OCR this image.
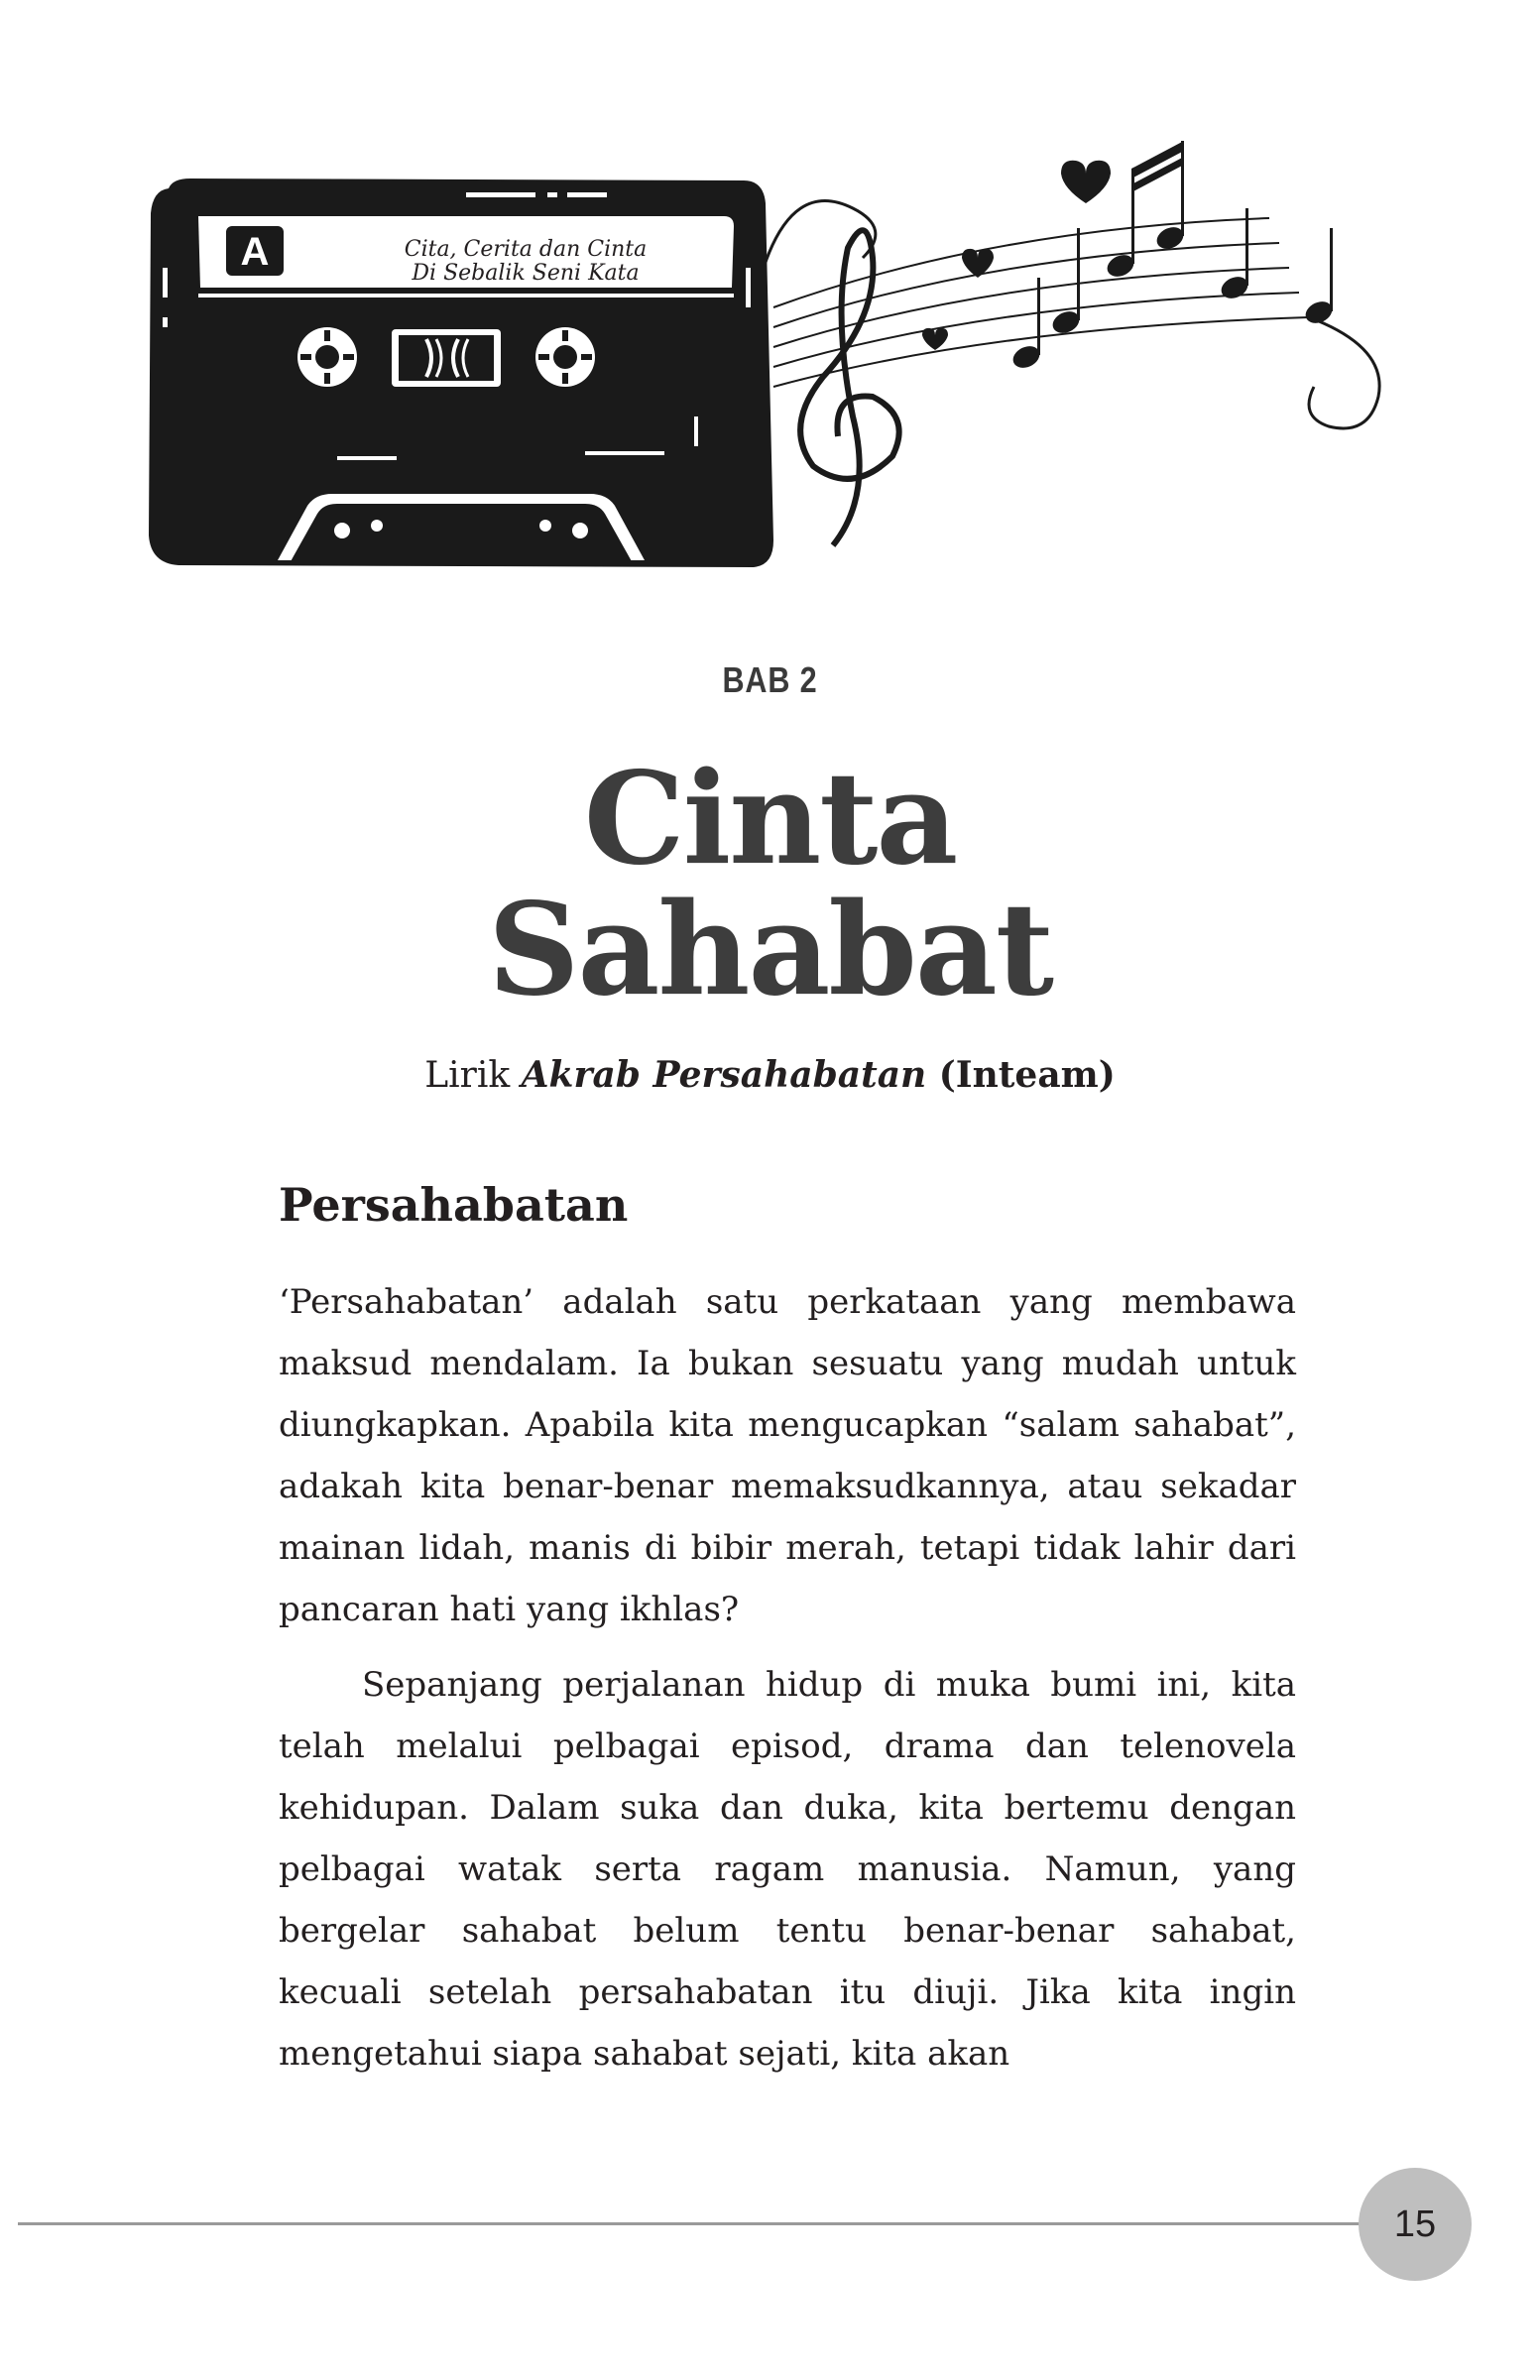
A	Cita, Cerita dan Cinta
Di Sebalik Seni Kata
BAB 2
Cinta
Sahabat
Lirik Akrab Persahabatan (Inteam)
Persahabatan

‘Persahabatan’ adalah satu perkataan yang membawa maksud mendalam. Ia bukan sesuatu yang mudah untuk diungkapkan. Apabila kita mengucapkan “salam sahabat”, adakah kita benar-benar memaksudkannya, atau sekadar mainan lidah, manis di bibir merah, tetapi tidak lahir dari pancaran hati yang ikhlas?

Sepanjang perjalanan hidup di muka bumi ini, kita telah melalui pelbagai episod, drama dan telenovela kehidupan. Dalam suka dan duka, kita bertemu dengan pelbagai watak serta ragam manusia. Namun, yang bergelar sahabat belum tentu benar-benar sahabat, kecuali setelah persahabatan itu diuji. Jika kita ingin mengetahui siapa sahabat sejati, kita akan

15
